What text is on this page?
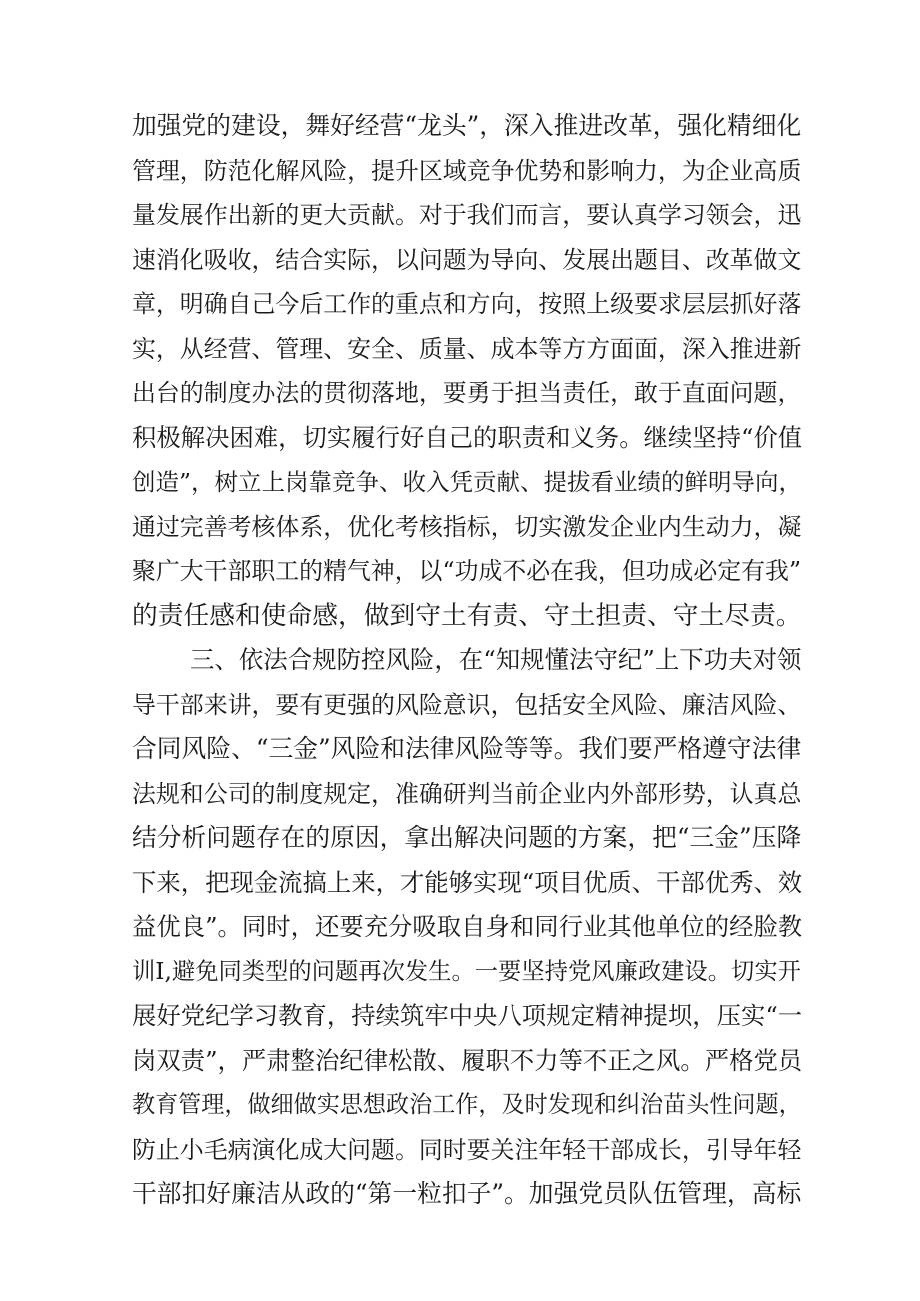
加强党的建设，舞好经营“龙头”，深入推进改革，强化精细化
管理，防范化解风险，提升区域竞争优势和影响力，为企业高质
量发展作出新的更大贡献。对于我们而言，要认真学习领会，迅
速消化吸收，结合实际，以问题为导向、发展出题目、改革做文
章，明确自己今后工作的重点和方向，按照上级要求层层抓好落
实，从经营、管理、安全、质量、成本等方方面面，深入推进新
出台的制度办法的贯彻落地，要勇于担当责任，敢于直面问题，
积极解决困难，切实履行好自己的职责和义务。继续坚持“价值
创造”，树立上岗靠竞争、收入凭贡献、提拔看业绩的鲜明导向，
通过完善考核体系，优化考核指标，切实激发企业内生动力，凝
聚广大干部职工的精气神，以“功成不必在我，但功成必定有我”
的责任感和使命感，做到守土有责、守土担责、守土尽责。
三、依法合规防控风险，在“知规懂法守纪”上下功夫对领
导干部来讲，要有更强的风险意识，包括安全风险、廉洁风险、
合同风险、“三金”风险和法律风险等等。我们要严格遵守法律
法规和公司的制度规定，准确研判当前企业内外部形势，认真总
结分析问题存在的原因，拿出解决问题的方案，把“三金”压降
下来，把现金流搞上来，才能够实现“项目优质、干部优秀、效
益优良”。同时，还要充分吸取自身和同行业其他单位的经脸教
训I,避免同类型的问题再次发生。一要坚持党风廉政建设。切实开
展好党纪学习教育，持续筑牢中央八项规定精神提坝，压实“一
岗双责”，严肃整治纪律松散、履职不力等不正之风。严格党员
教育管理，做细做实思想政治工作，及时发现和纠治苗头性问题，
防止小毛病演化成大问题。同时要关注年轻干部成长，引导年轻
干部扣好廉洁从政的“第一粒扣子”。加强党员队伍管理，高标
